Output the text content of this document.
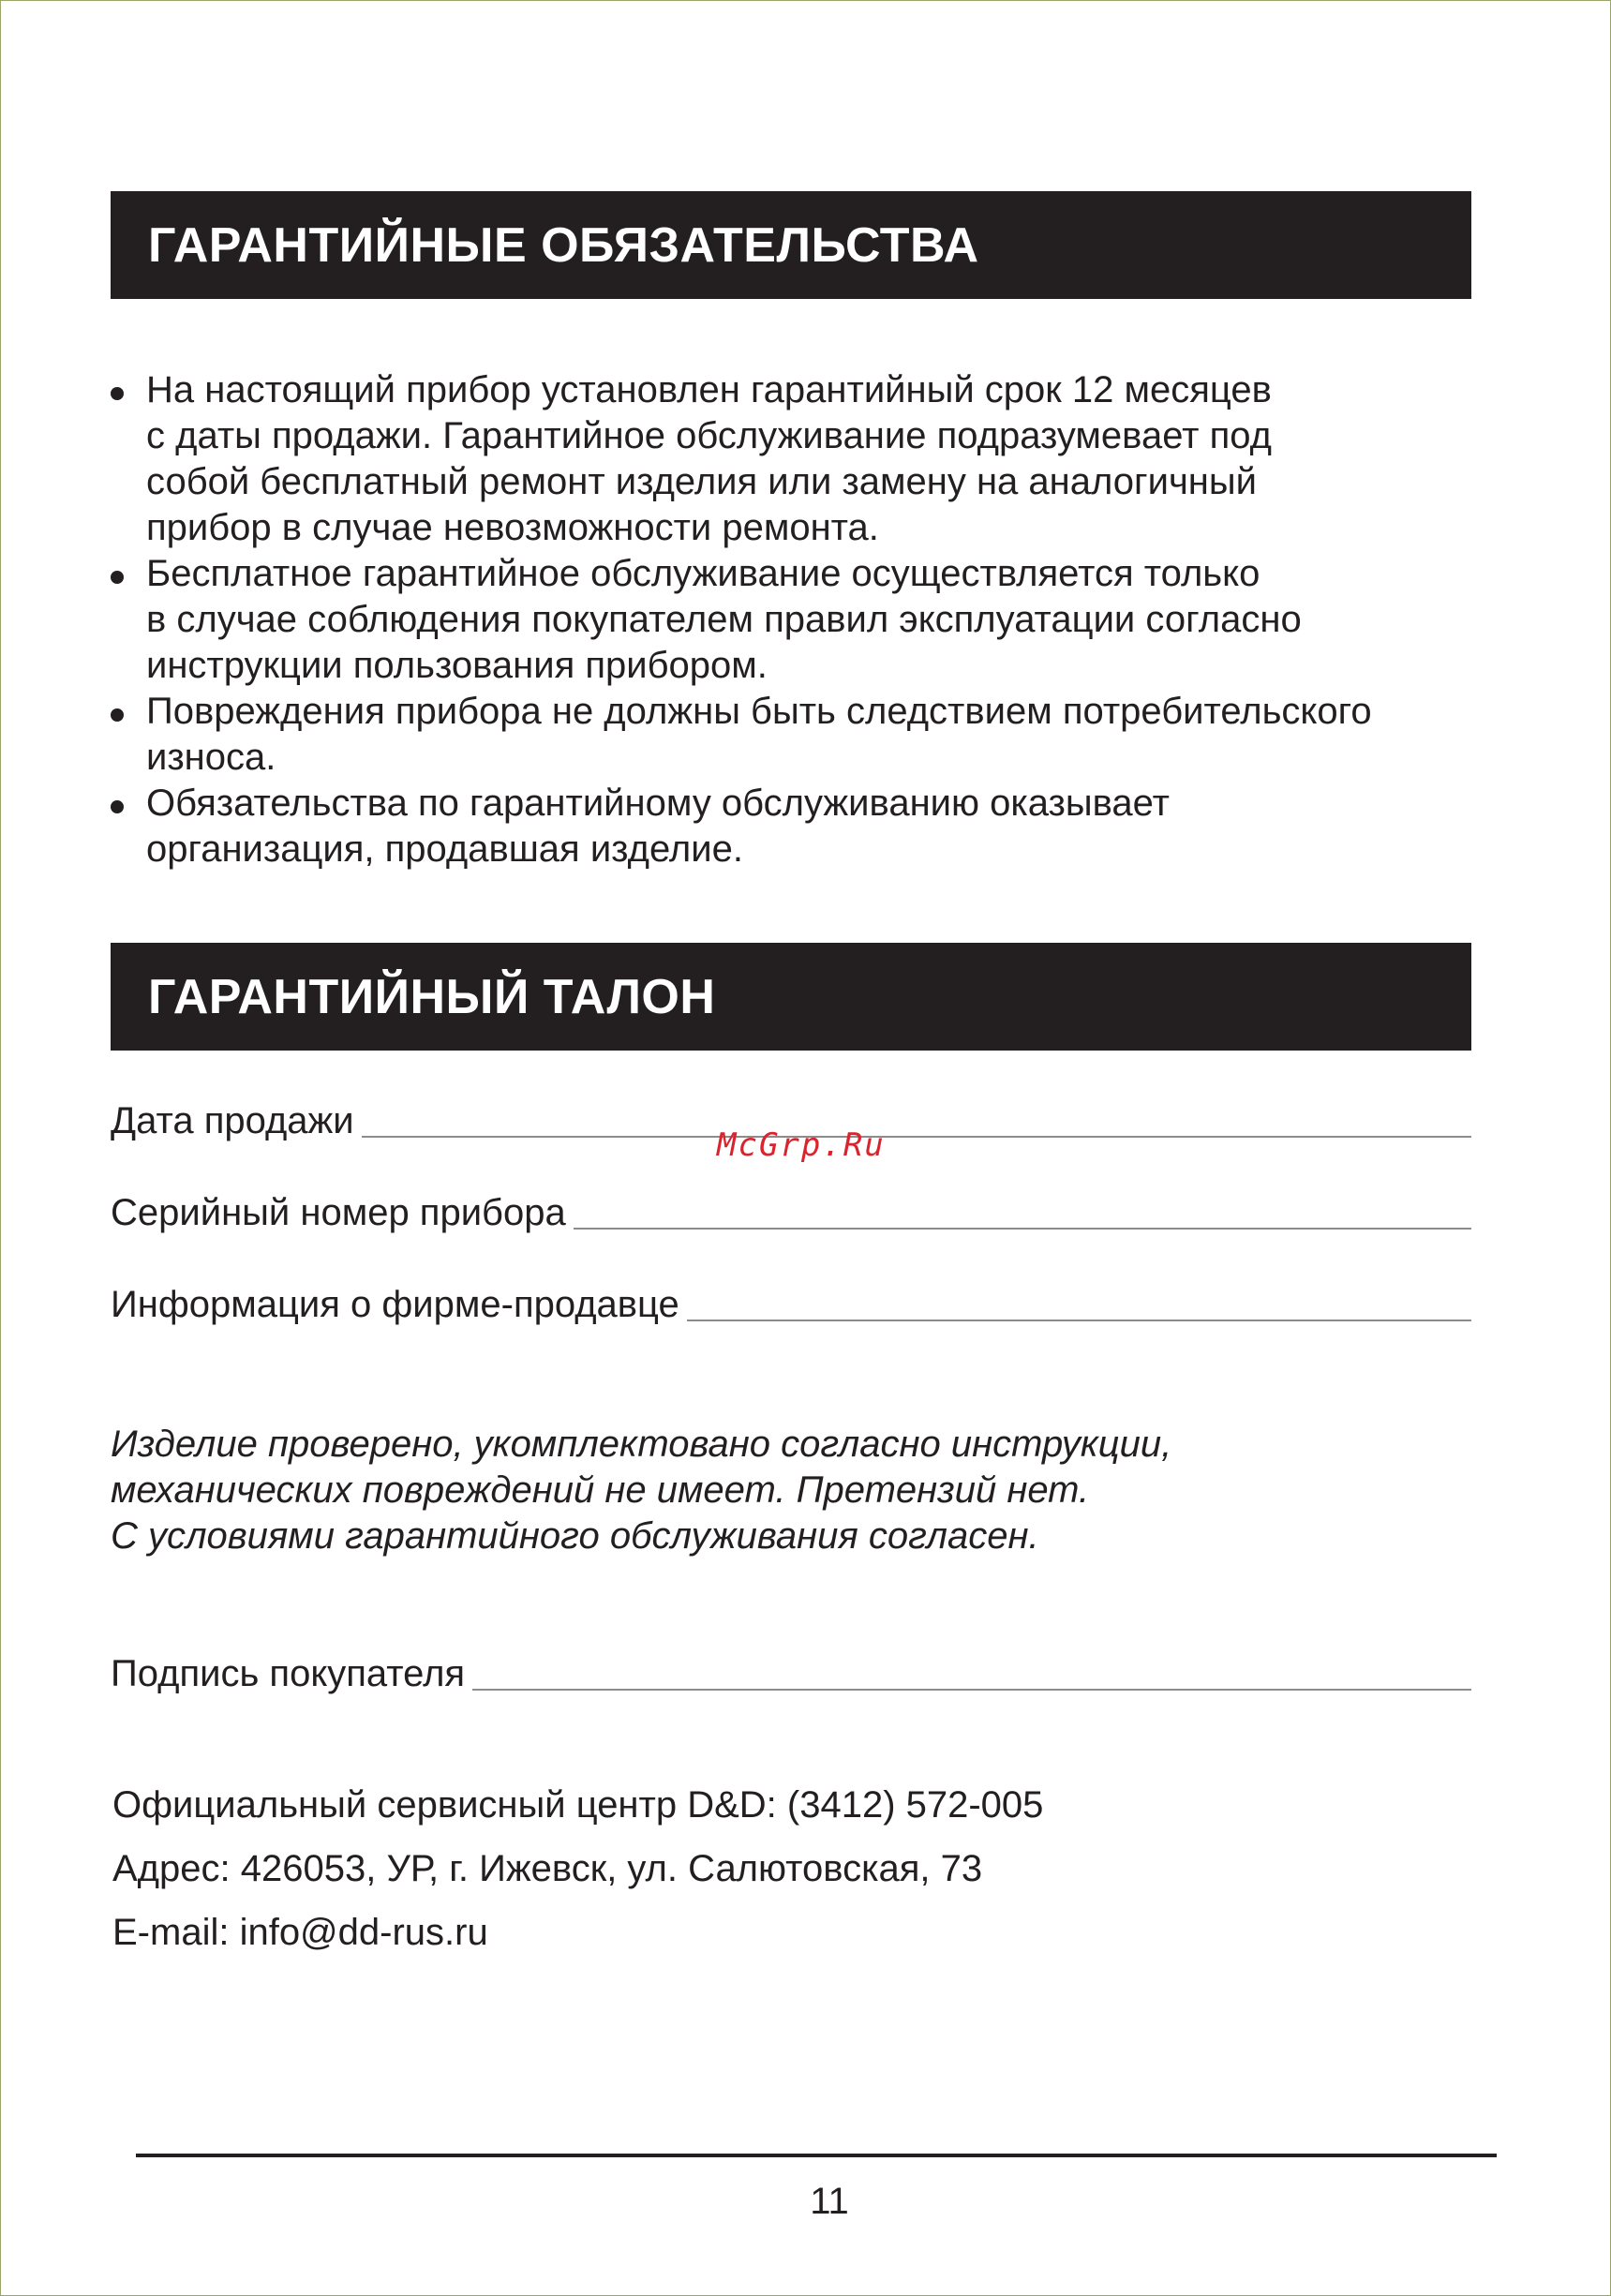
ГАРАНТИЙНЫЕ ОБЯЗАТЕЛЬСТВА
На настоящий прибор установлен гарантийный срок 12 месяцев
с даты продажи. Гарантийное обслуживание подразумевает под
собой бесплатный ремонт изделия или замену на аналогичный
прибор в случае невозможности ремонта.
Бесплатное гарантийное обслуживание осуществляется только
в случае соблюдения покупателем правил эксплуатации согласно
инструкции пользования прибором.
Повреждения прибора не должны быть следствием потребительского
износа.
Обязательства по гарантийному обслуживанию оказывает
организация, продавшая изделие.
ГАРАНТИЙНЫЙ ТАЛОН
Дата продажи
McGrp.Ru
Серийный номер прибора
Информация о фирме-продавце
Изделие проверено, укомплектовано согласно инструкции,
механических повреждений не имеет. Претензий нет.
С условиями гарантийного обслуживания согласен.
Подпись покупателя
Официальный сервисный центр D&D: (3412) 572-005
Адрес: 426053, УР, г. Ижевск, ул. Салютовская, 73
E-mail: info@dd-rus.ru
11
